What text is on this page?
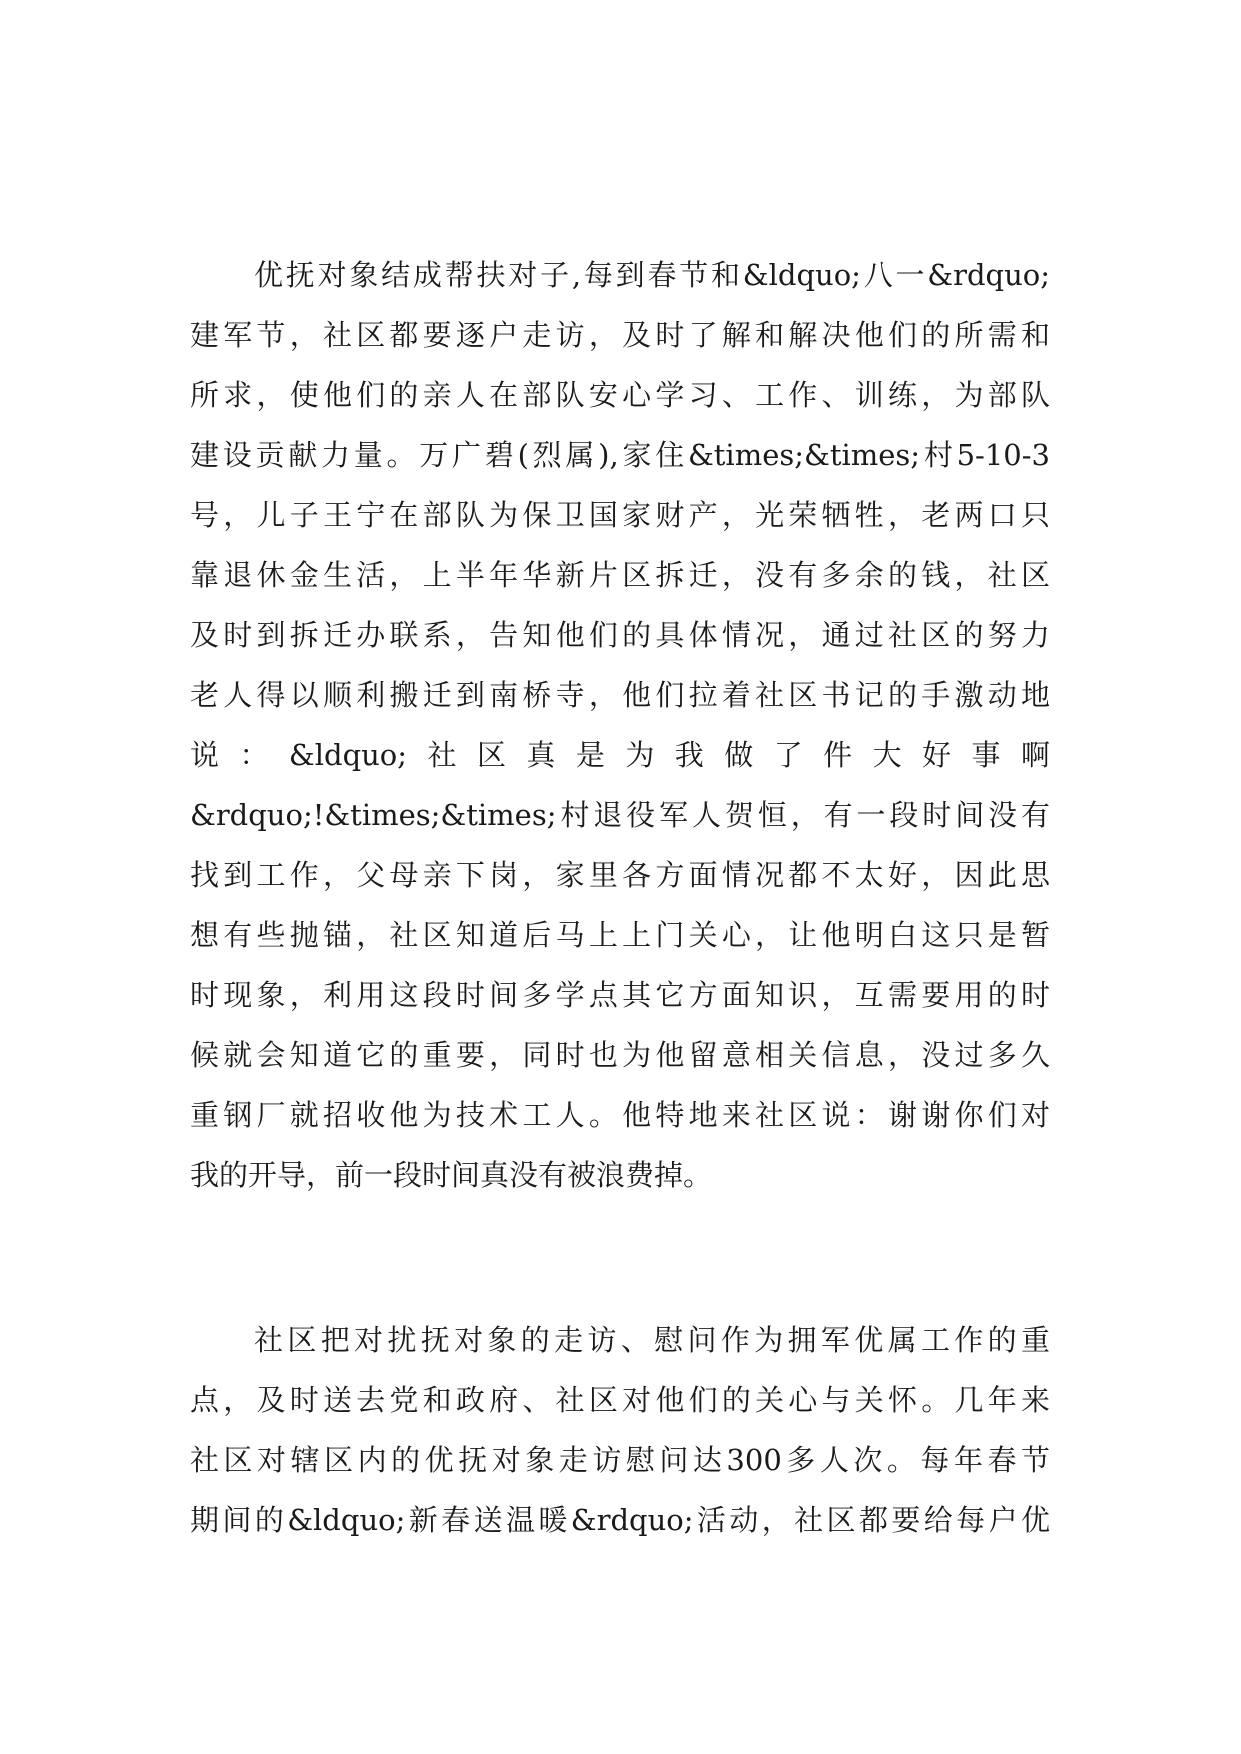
优抚对象结成帮扶对子,每到春节和&ldquo;八一&rdquo;
建军节，社区都要逐户走访，及时了解和解决他们的所需和
所求，使他们的亲人在部队安心学习、工作、训练，为部队
建设贡献力量。万广碧(烈属),家住&times;&times;村5-10-3
号，儿子王宁在部队为保卫国家财产，光荣牺牲，老两口只
靠退休金生活，上半年华新片区拆迁，没有多余的钱，社区
及时到拆迁办联系，告知他们的具体情况，通过社区的努力
老人得以顺利搬迁到南桥寺，他们拉着社区书记的手激动地
说：&ldquo;社区真是为我做了件大好事啊
&rdquo;!&times;&times;村退役军人贺恒，有一段时间没有
找到工作，父母亲下岗，家里各方面情况都不太好，因此思
想有些抛锚，社区知道后马上上门关心，让他明白这只是暂
时现象，利用这段时间多学点其它方面知识，互需要用的时
候就会知道它的重要，同时也为他留意相关信息，没过多久
重钢厂就招收他为技术工人。他特地来社区说：谢谢你们对
我的开导，前一段时间真没有被浪费掉。
社区把对扰抚对象的走访、慰问作为拥军优属工作的重
点，及时送去党和政府、社区对他们的关心与关怀。几年来
社区对辖区内的优抚对象走访慰问达300多人次。每年春节
期间的&ldquo;新春送温暖&rdquo;活动，社区都要给每户优
